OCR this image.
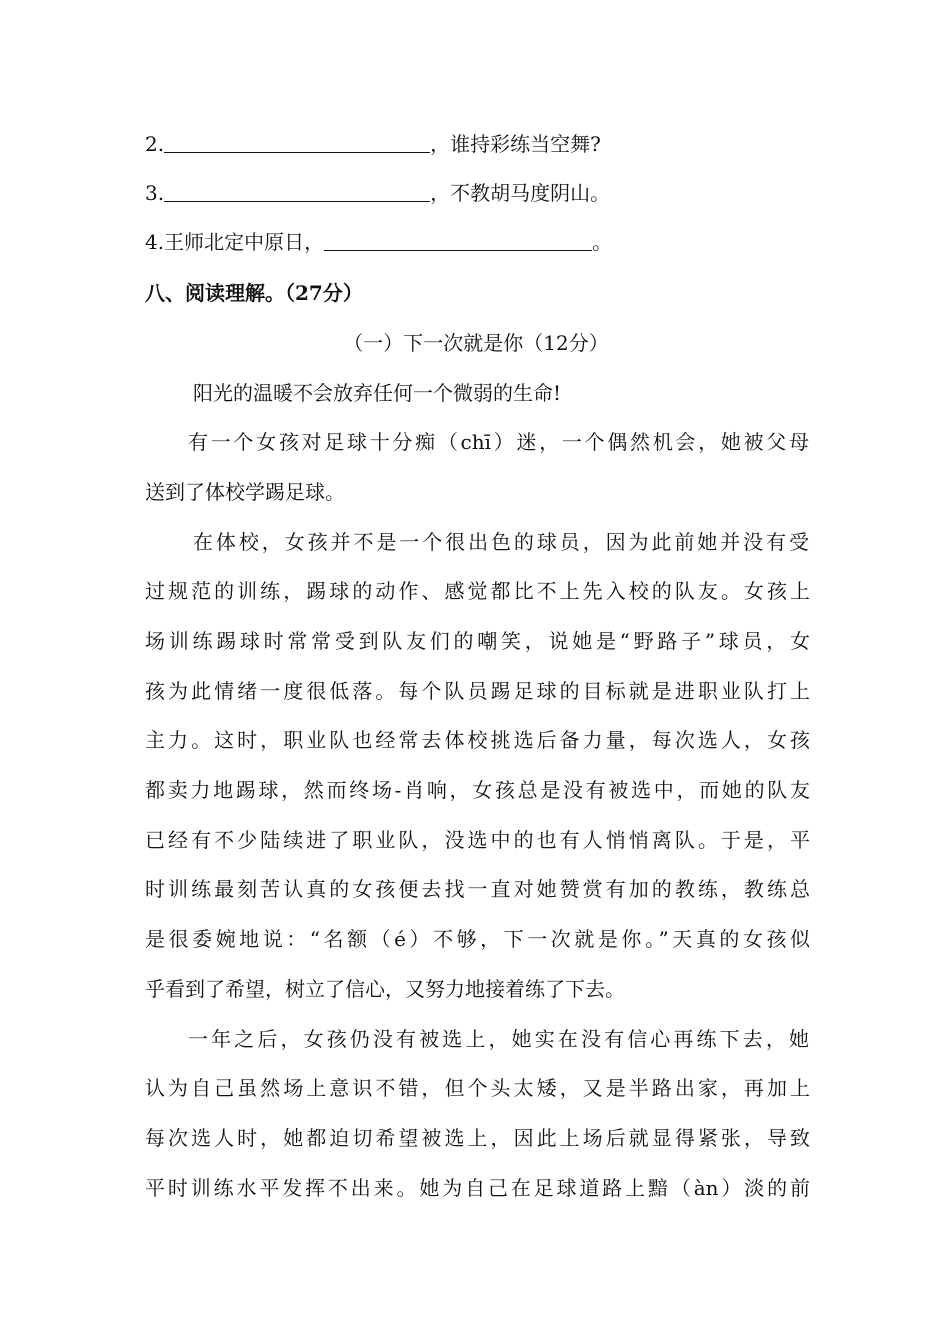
2.	，谁持彩练当空舞?
3.	，不教胡马度阴山。
4.王师北定中原日，	。
八、阅读理解。（27分）
（一）下一次就是你（12分）
阳光的温暖不会放弃任何一个微弱的生命!
有一个女孩对足球十分痴（chī）迷，一个偶然机会，她被父母
送到了体校学踢足球。
在体校，女孩并不是一个很出色的球员，因为此前她并没有受
过规范的训练，踢球的动作、感觉都比不上先入校的队友。女孩上
场训练踢球时常常受到队友们的嘲笑，说她是“野路子”球员，女
孩为此情绪一度很低落。每个队员踢足球的目标就是进职业队打上
主力。这时，职业队也经常去体校挑选后备力量，每次选人，女孩
都卖力地踢球，然而终场-肖响，女孩总是没有被选中，而她的队友
已经有不少陆续进了职业队，没选中的也有人悄悄离队。于是，平
时训练最刻苦认真的女孩便去找一直对她赞赏有加的教练，教练总
是很委婉地说：“名额（é）不够，下一次就是你。”天真的女孩似
乎看到了希望，树立了信心，又努力地接着练了下去。
一年之后，女孩仍没有被选上，她实在没有信心再练下去，她
认为自己虽然场上意识不错，但个头太矮，又是半路出家，再加上
每次选人时，她都迫切希望被选上，因此上场后就显得紧张，导致
平时训练水平发挥不出来。她为自己在足球道路上黯（àn）淡的前
